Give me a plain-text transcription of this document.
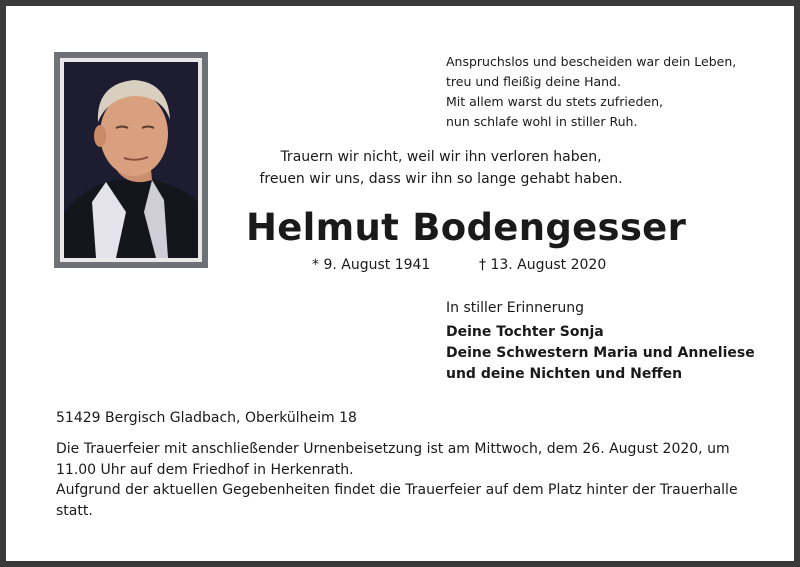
Anspruchslos und bescheiden war dein Leben,
treu und fleißig deine Hand.
Mit allem warst du stets zufrieden,
nun schlafe wohl in stiller Ruh.
Trauern wir nicht, weil wir ihn verloren haben,
freuen wir uns, dass wir ihn so lange gehabt haben.
Helmut Bodengesser
* 9. August 1941	† 13. August 2020
In stiller Erinnerung
Deine Tochter Sonja
Deine Schwestern Maria und Anneliese
und deine Nichten und Neffen
51429 Bergisch Gladbach, Oberkülheim 18
Die Trauerfeier mit anschließender Urnenbeisetzung ist am Mittwoch, dem 26. August 2020, um
11.00 Uhr auf dem Friedhof in Herkenrath.
Aufgrund der aktuellen Gegebenheiten findet die Trauerfeier auf dem Platz hinter der Trauerhalle
statt.
